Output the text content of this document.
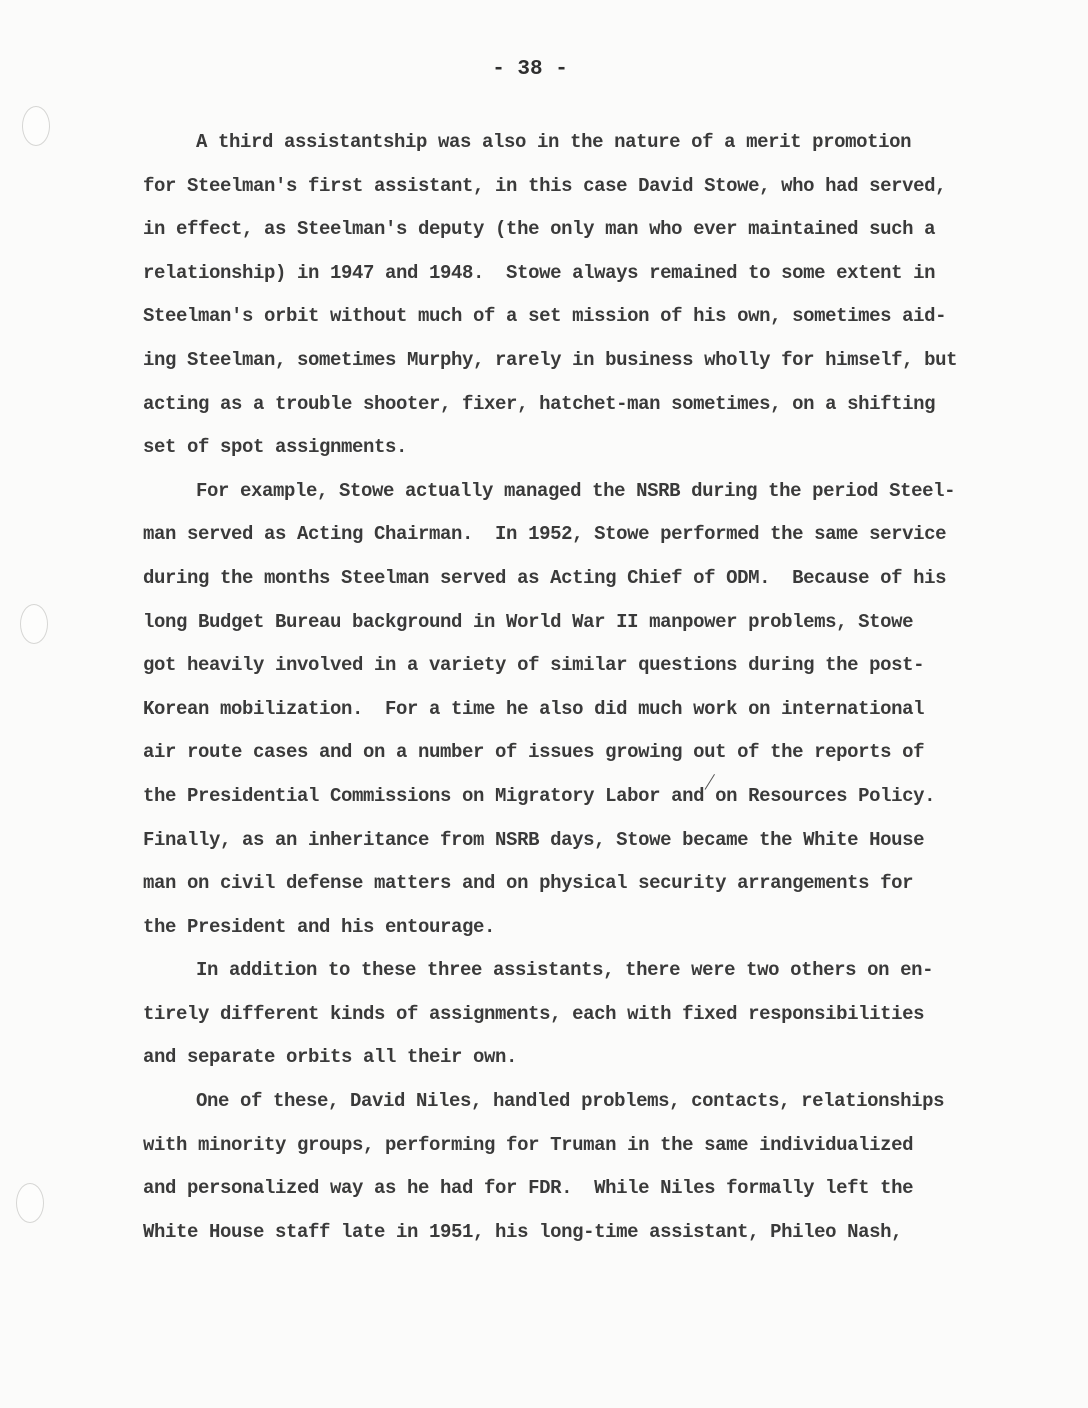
- 38 -

A third assistantship was also in the nature of a merit promotion
for Steelman's first assistant, in this case David Stowe, who had served,
in effect, as Steelman's deputy (the only man who ever maintained such a
relationship) in 1947 and 1948.  Stowe always remained to some extent in
Steelman's orbit without much of a set mission of his own, sometimes aid-
ing Steelman, sometimes Murphy, rarely in business wholly for himself, but
acting as a trouble shooter, fixer, hatchet-man sometimes, on a shifting
set of spot assignments.
For example, Stowe actually managed the NSRB during the period Steel-
man served as Acting Chairman.  In 1952, Stowe performed the same service
during the months Steelman served as Acting Chief of ODM.  Because of his
long Budget Bureau background in World War II manpower problems, Stowe
got heavily involved in a variety of similar questions during the post-
Korean mobilization.  For a time he also did much work on international
air route cases and on a number of issues growing out of the reports of
the Presidential Commissions on Migratory Labor and on Resources Policy.
Finally, as an inheritance from NSRB days, Stowe became the White House
man on civil defense matters and on physical security arrangements for
the President and his entourage.
In addition to these three assistants, there were two others on en-
tirely different kinds of assignments, each with fixed responsibilities
and separate orbits all their own.
One of these, David Niles, handled problems, contacts, relationships
with minority groups, performing for Truman in the same individualized
and personalized way as he had for FDR.  While Niles formally left the
White House staff late in 1951, his long-time assistant, Phileo Nash,
